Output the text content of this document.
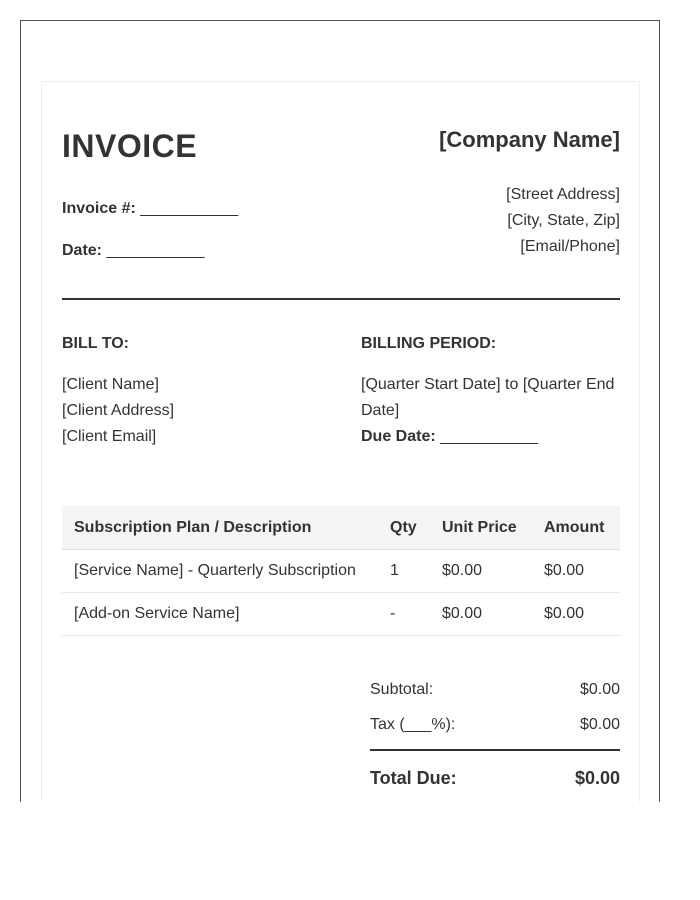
INVOICE	[Company Name]
Invoice #: ___________
Date: ___________
[Street Address]
[City, State, Zip]
[Email/Phone]
BILL TO:	BILLING PERIOD:
[Client Name]
[Client Address]
[Client Email]
[Quarter Start Date] to [Quarter End Date]
Due Date: ___________
Subscription Plan / Description	Qty	Unit Price	Amount
[Service Name] - Quarterly Subscription	1	$0.00	$0.00
[Add-on Service Name]	-	$0.00	$0.00
Subtotal:	$0.00
Tax (___%):	$0.00
Total Due:	$0.00
